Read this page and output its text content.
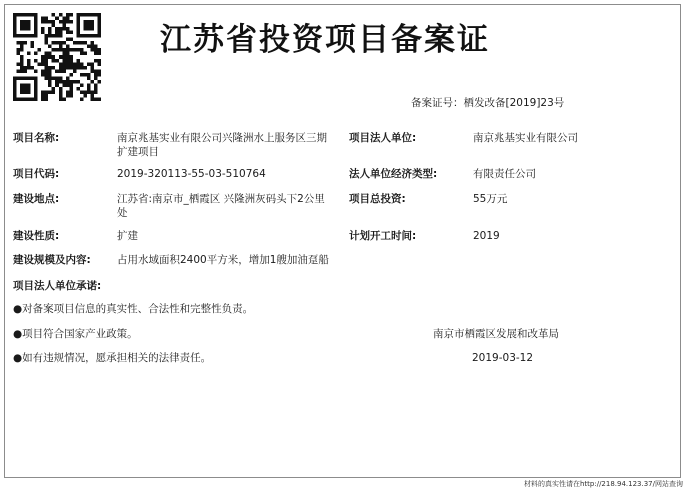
江苏省投资项目备案证
备案证号：栖发改备[2019]23号
项目名称:	南京兆基实业有限公司兴隆洲水上服务区三期扩建项目
项目法人单位:	南京兆基实业有限公司
项目代码:	2019-320113-55-03-510764	法人单位经济类型:	有限责任公司
建设地点:	江苏省:南京市_栖霞区 兴隆洲灰码头下2公里处
项目总投资:	55万元
建设性质:	扩建	计划开工时间:	2019
建设规模及内容:	占用水域面积2400平方米，增加1艘加油趸船
项目法人单位承诺:
●对备案项目信息的真实性、合法性和完整性负责。
●项目符合国家产业政策。
●如有违规情况，愿承担相关的法律责任。
南京市栖霞区发展和改革局
2019-03-12
材料的真实性请在http://218.94.123.37/网站查询
